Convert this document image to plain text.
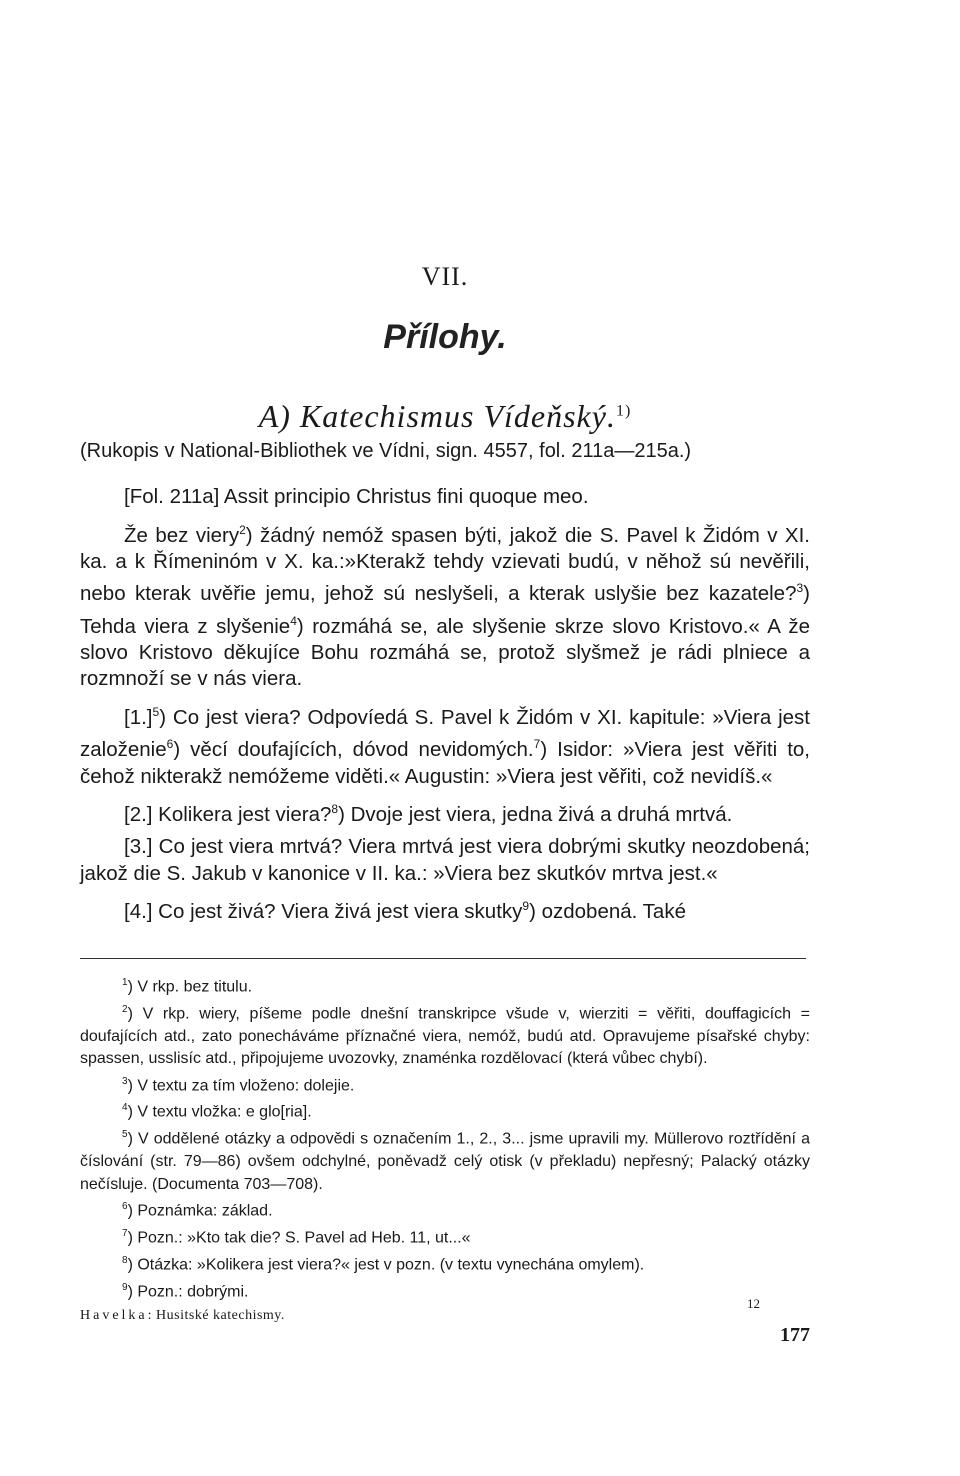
VII.
Přílohy.
A) Katechismus Vídeňský.$^{1)}$
(Rukopis v National-Bibliothek ve Vídni, sign. 4557, fol. 211a—215a.)

[Fol. 211a] Assit principio Christus fini quoque meo.

Že bez viery$^2$) žádný nemóž spasen býti, jakož die S. Pavel k Židóm v XI. ka. a k Římeninóm v X. ka.:»Kterakž tehdy vzievati budú, v něhož sú nevěřili, nebo kterak uvěřie jemu, jehož sú neslyšeli, a kterak uslyšie bez kazatele?$^3$) Tehda viera z slyšenie$^4$) rozmáhá se, ale slyšenie skrze slovo Kristovo.« A že slovo Kristovo děkujíce Bohu rozmáhá se, protož slyšmež je rádi plniece a rozmnoží se v nás viera.

$[1.]^5$) Co jest viera? Odpovíedá S. Pavel k Židóm v XI. kapitule: »Viera jest založenie$^6$) věcí doufajících, dóvod nevidomých.$^7$) Isidor: »Viera jest věřiti to, čehož nikterakž nemóžeme viděti.« Augustin: »Viera jest věřiti, což nevidíš.«

[2.] Kolikera jest viera?$^8$) Dvoje jest viera, jedna živá a druhá mrtvá.

[3.] Co jest viera mrtvá? Viera mrtvá jest viera dobrými skutky neozdobená; jakož die S. Jakub v kanonice v II. ka.: »Viera bez skutkóv mrtva jest.«

[4.] Co jest živá? Viera živá jest viera skutky$^9$) ozdobená. Také

$^1$) V rkp. bez titulu.

$^2$) V rkp. wiery, píšeme podle dnešní transkripce všude v, wierziti = věřiti, douffagicích = doufajících atd., zato ponecháváme příznačné viera, nemóž, budú atd. Opravujeme písařské chyby: spassen, usslisíc atd., připojujeme uvozovky, znaménka rozdělovací (která vůbec chybí).

$^3$) V textu za tím vloženo: dolejie.

$^4$) V textu vložka: e glo[ria].

$^5$) V oddělené otázky a odpovědi s označením 1., 2., 3... jsme upravili my. Müllerovo roztřídění a číslování (str. 79—86) ovšem odchylné, poněvadž celý otisk (v překladu) nepřesný; Palacký otázky nečísluje. (Documenta 703—708).

$^6$) Poznámka: základ.

$^7$) Pozn.: »Kto tak die? S. Pavel ad Heb. 11, ut...«

$^8$) Otázka: »Kolikera jest viera?« jest v pozn. (v textu vynechána omylem).

$^9$) Pozn.: dobrými.

Havelka: Husitské katechismy.
12
177
